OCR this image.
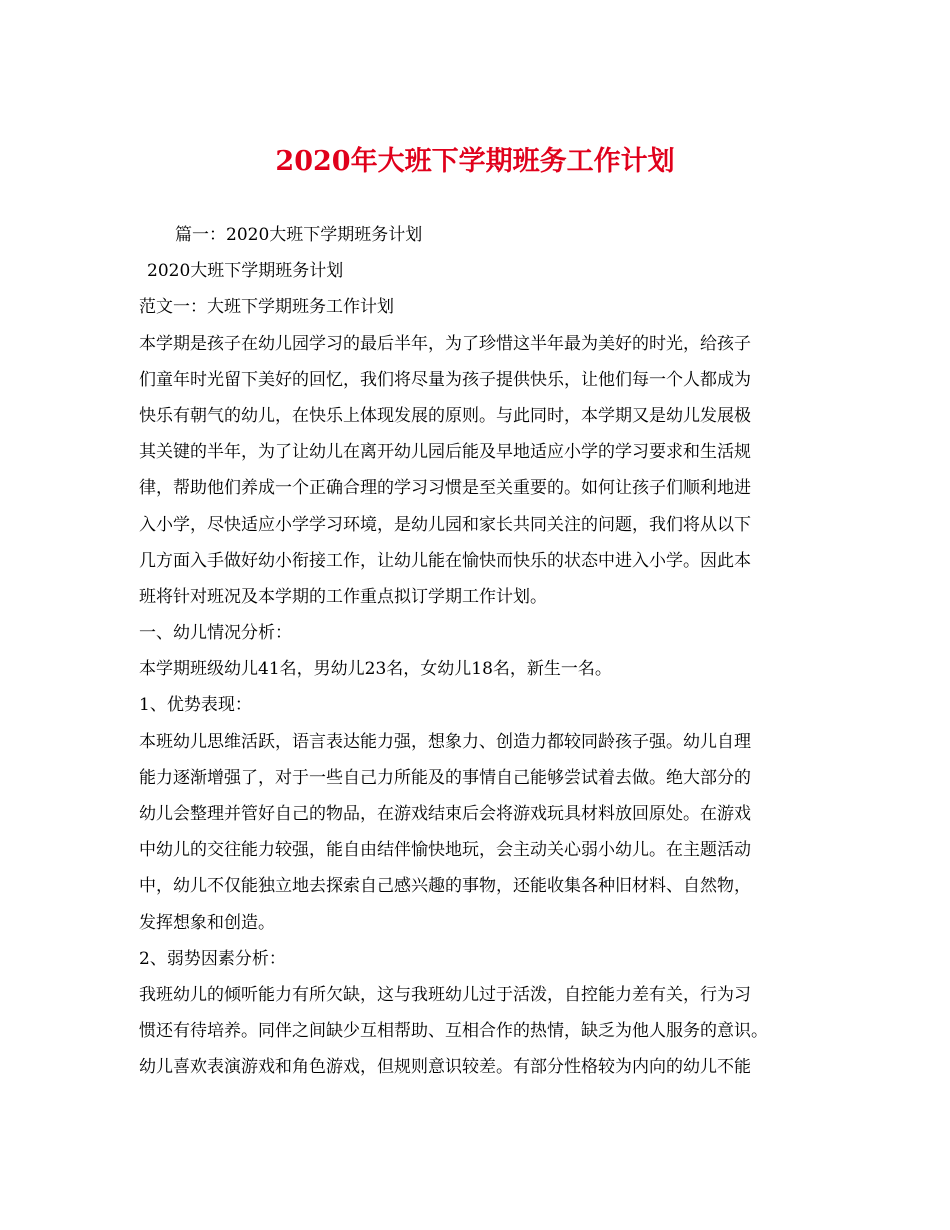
2020年大班下学期班务工作计划
篇一：2020大班下学期班务计划
2020大班下学期班务计划
范文一：大班下学期班务工作计划
本学期是孩子在幼儿园学习的最后半年，为了珍惜这半年最为美好的时光，给孩子
们童年时光留下美好的回忆，我们将尽量为孩子提供快乐，让他们每一个人都成为
快乐有朝气的幼儿，在快乐上体现发展的原则。与此同时，本学期又是幼儿发展极
其关键的半年，为了让幼儿在离开幼儿园后能及早地适应小学的学习要求和生活规
律，帮助他们养成一个正确合理的学习习惯是至关重要的。如何让孩子们顺利地进
入小学，尽快适应小学学习环境，是幼儿园和家长共同关注的问题，我们将从以下
几方面入手做好幼小衔接工作，让幼儿能在愉快而快乐的状态中进入小学。因此本
班将针对班况及本学期的工作重点拟订学期工作计划。
一、幼儿情况分析：
本学期班级幼儿41名，男幼儿23名，女幼儿18名，新生一名。
1、优势表现：
本班幼儿思维活跃，语言表达能力强，想象力、创造力都较同龄孩子强。幼儿自理
能力逐渐增强了，对于一些自己力所能及的事情自己能够尝试着去做。绝大部分的
幼儿会整理并管好自己的物品，在游戏结束后会将游戏玩具材料放回原处。在游戏
中幼儿的交往能力较强，能自由结伴愉快地玩，会主动关心弱小幼儿。在主题活动
中，幼儿不仅能独立地去探索自己感兴趣的事物，还能收集各种旧材料、自然物，
发挥想象和创造。
2、弱势因素分析：
我班幼儿的倾听能力有所欠缺，这与我班幼儿过于活泼，自控能力差有关，行为习
惯还有待培养。同伴之间缺少互相帮助、互相合作的热情，缺乏为他人服务的意识。
幼儿喜欢表演游戏和角色游戏，但规则意识较差。有部分性格较为内向的幼儿不能
